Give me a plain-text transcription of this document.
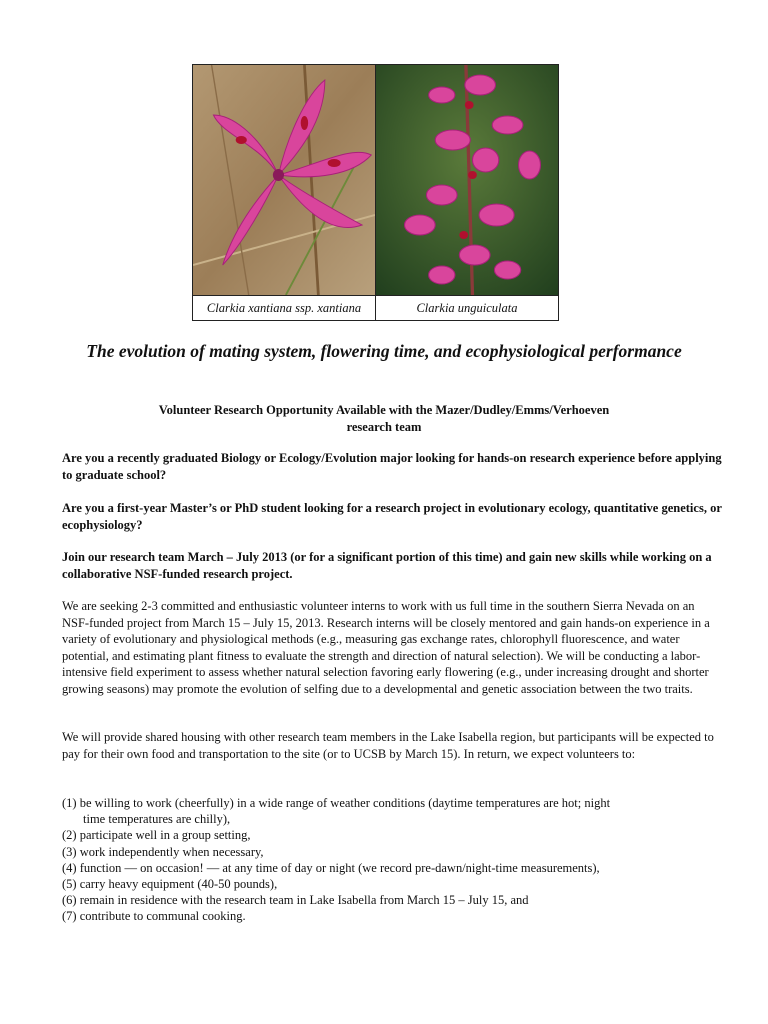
Clarkia xantiana ssp. xantiana	Clarkia unguiculata
The evolution of mating system, flowering time, and ecophysiological performance

Volunteer Research Opportunity Available with the Mazer/Dudley/Emms/Verhoeven
research team

Are you a recently graduated Biology or Ecology/Evolution major looking for hands-on research experience before applying to graduate school?

Are you a first-year Master’s or PhD student looking for a research project in evolutionary ecology, quantitative genetics, or ecophysiology?

Join our research team March – July 2013 (or for a significant portion of this time) and gain new skills while working on a collaborative NSF-funded research project.

We are seeking 2-3 committed and enthusiastic volunteer interns to work with us full time in the southern Sierra Nevada on an NSF-funded project from March 15 – July 15, 2013. Research interns will be closely mentored and gain hands-on experience in a variety of evolutionary and physiological methods (e.g., measuring gas exchange rates, chlorophyll fluorescence, and water potential, and estimating plant fitness to evaluate the strength and direction of natural selection). We will be conducting a labor-intensive field experiment to assess whether natural selection favoring early flowering (e.g., under increasing drought and shorter growing seasons) may promote the evolution of selfing due to a developmental and genetic association between the two traits.

We will provide shared housing with other research team members in the Lake Isabella region, but participants will be expected to pay for their own food and transportation to the site (or to UCSB by March 15). In return, we expect volunteers to:

(1) be willing to work (cheerfully) in a wide range of weather conditions (daytime temperatures are hot; night
time temperatures are chilly),
(2) participate well in a group setting,
(3) work independently when necessary,
(4) function — on occasion! — at any time of day or night (we record pre-dawn/night-time measurements),
(5) carry heavy equipment (40-50 pounds),
(6) remain in residence with the research team in Lake Isabella from March 15 – July 15, and
(7) contribute to communal cooking.
